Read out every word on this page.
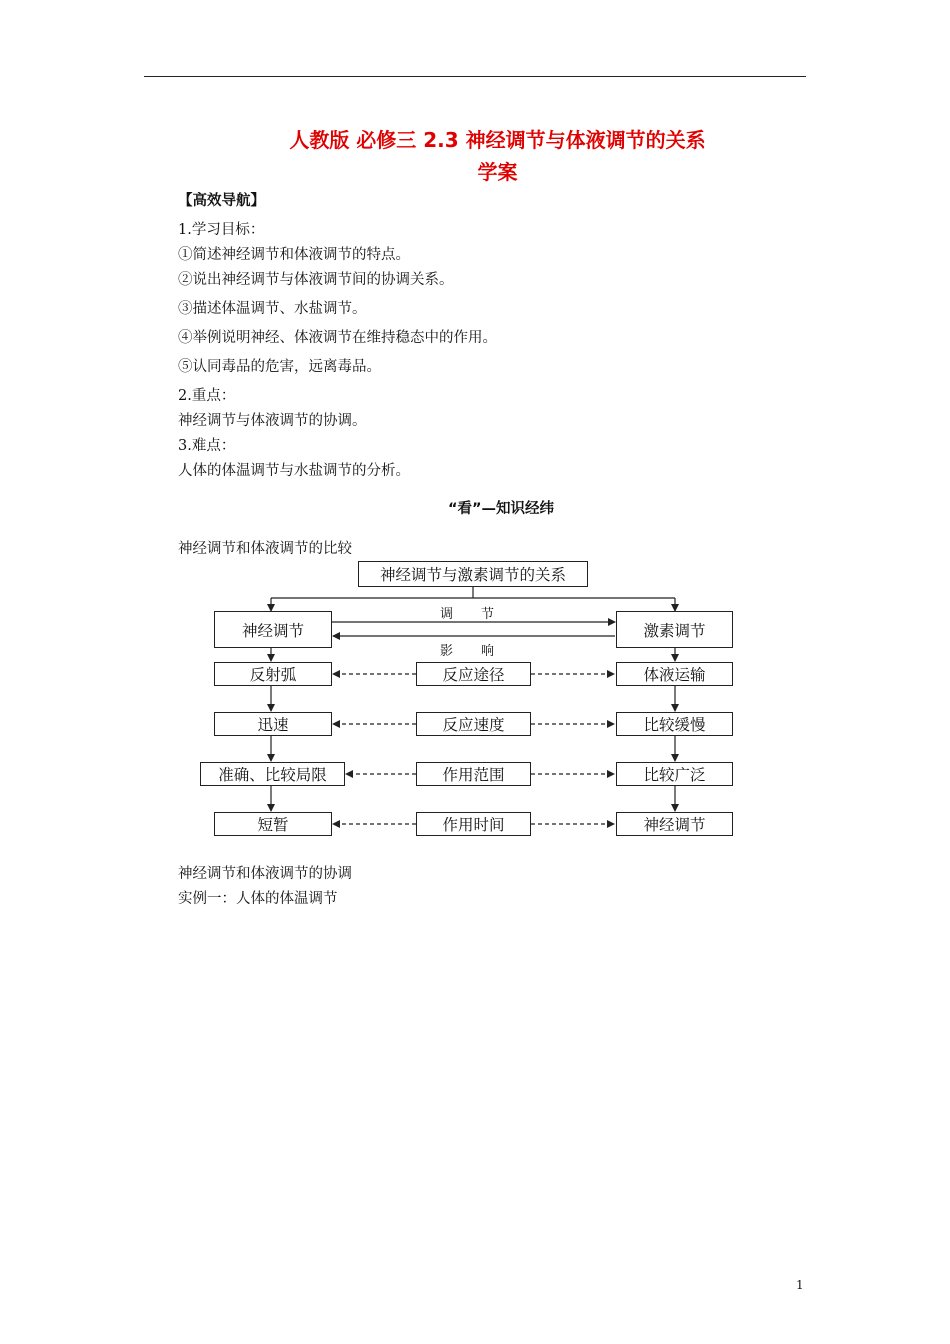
人教版 必修三 2.3 神经调节与体液调节的关系
学案
【高效导航】
1.学习目标：
①简述神经调节和体液调节的特点。
②说出神经调节与体液调节间的协调关系。
③描述体温调节、水盐调节。
④举例说明神经、体液调节在维持稳态中的作用。
⑤认同毒品的危害，远离毒品。
2.重点：
神经调节与体液调节的协调。
3.难点：
人体的体温调节与水盐调节的分析。
“看”—知识经纬
神经调节和体液调节的比较
神经调节与激素调节的关系
神经调节	激素调节
调节
影响
反射弧	反应途径	体液运输
迅速	反应速度	比较缓慢
准确、比较局限	作用范围	比较广泛
短暂	作用时间	神经调节
神经调节和体液调节的协调
实例一：人体的体温调节
1
